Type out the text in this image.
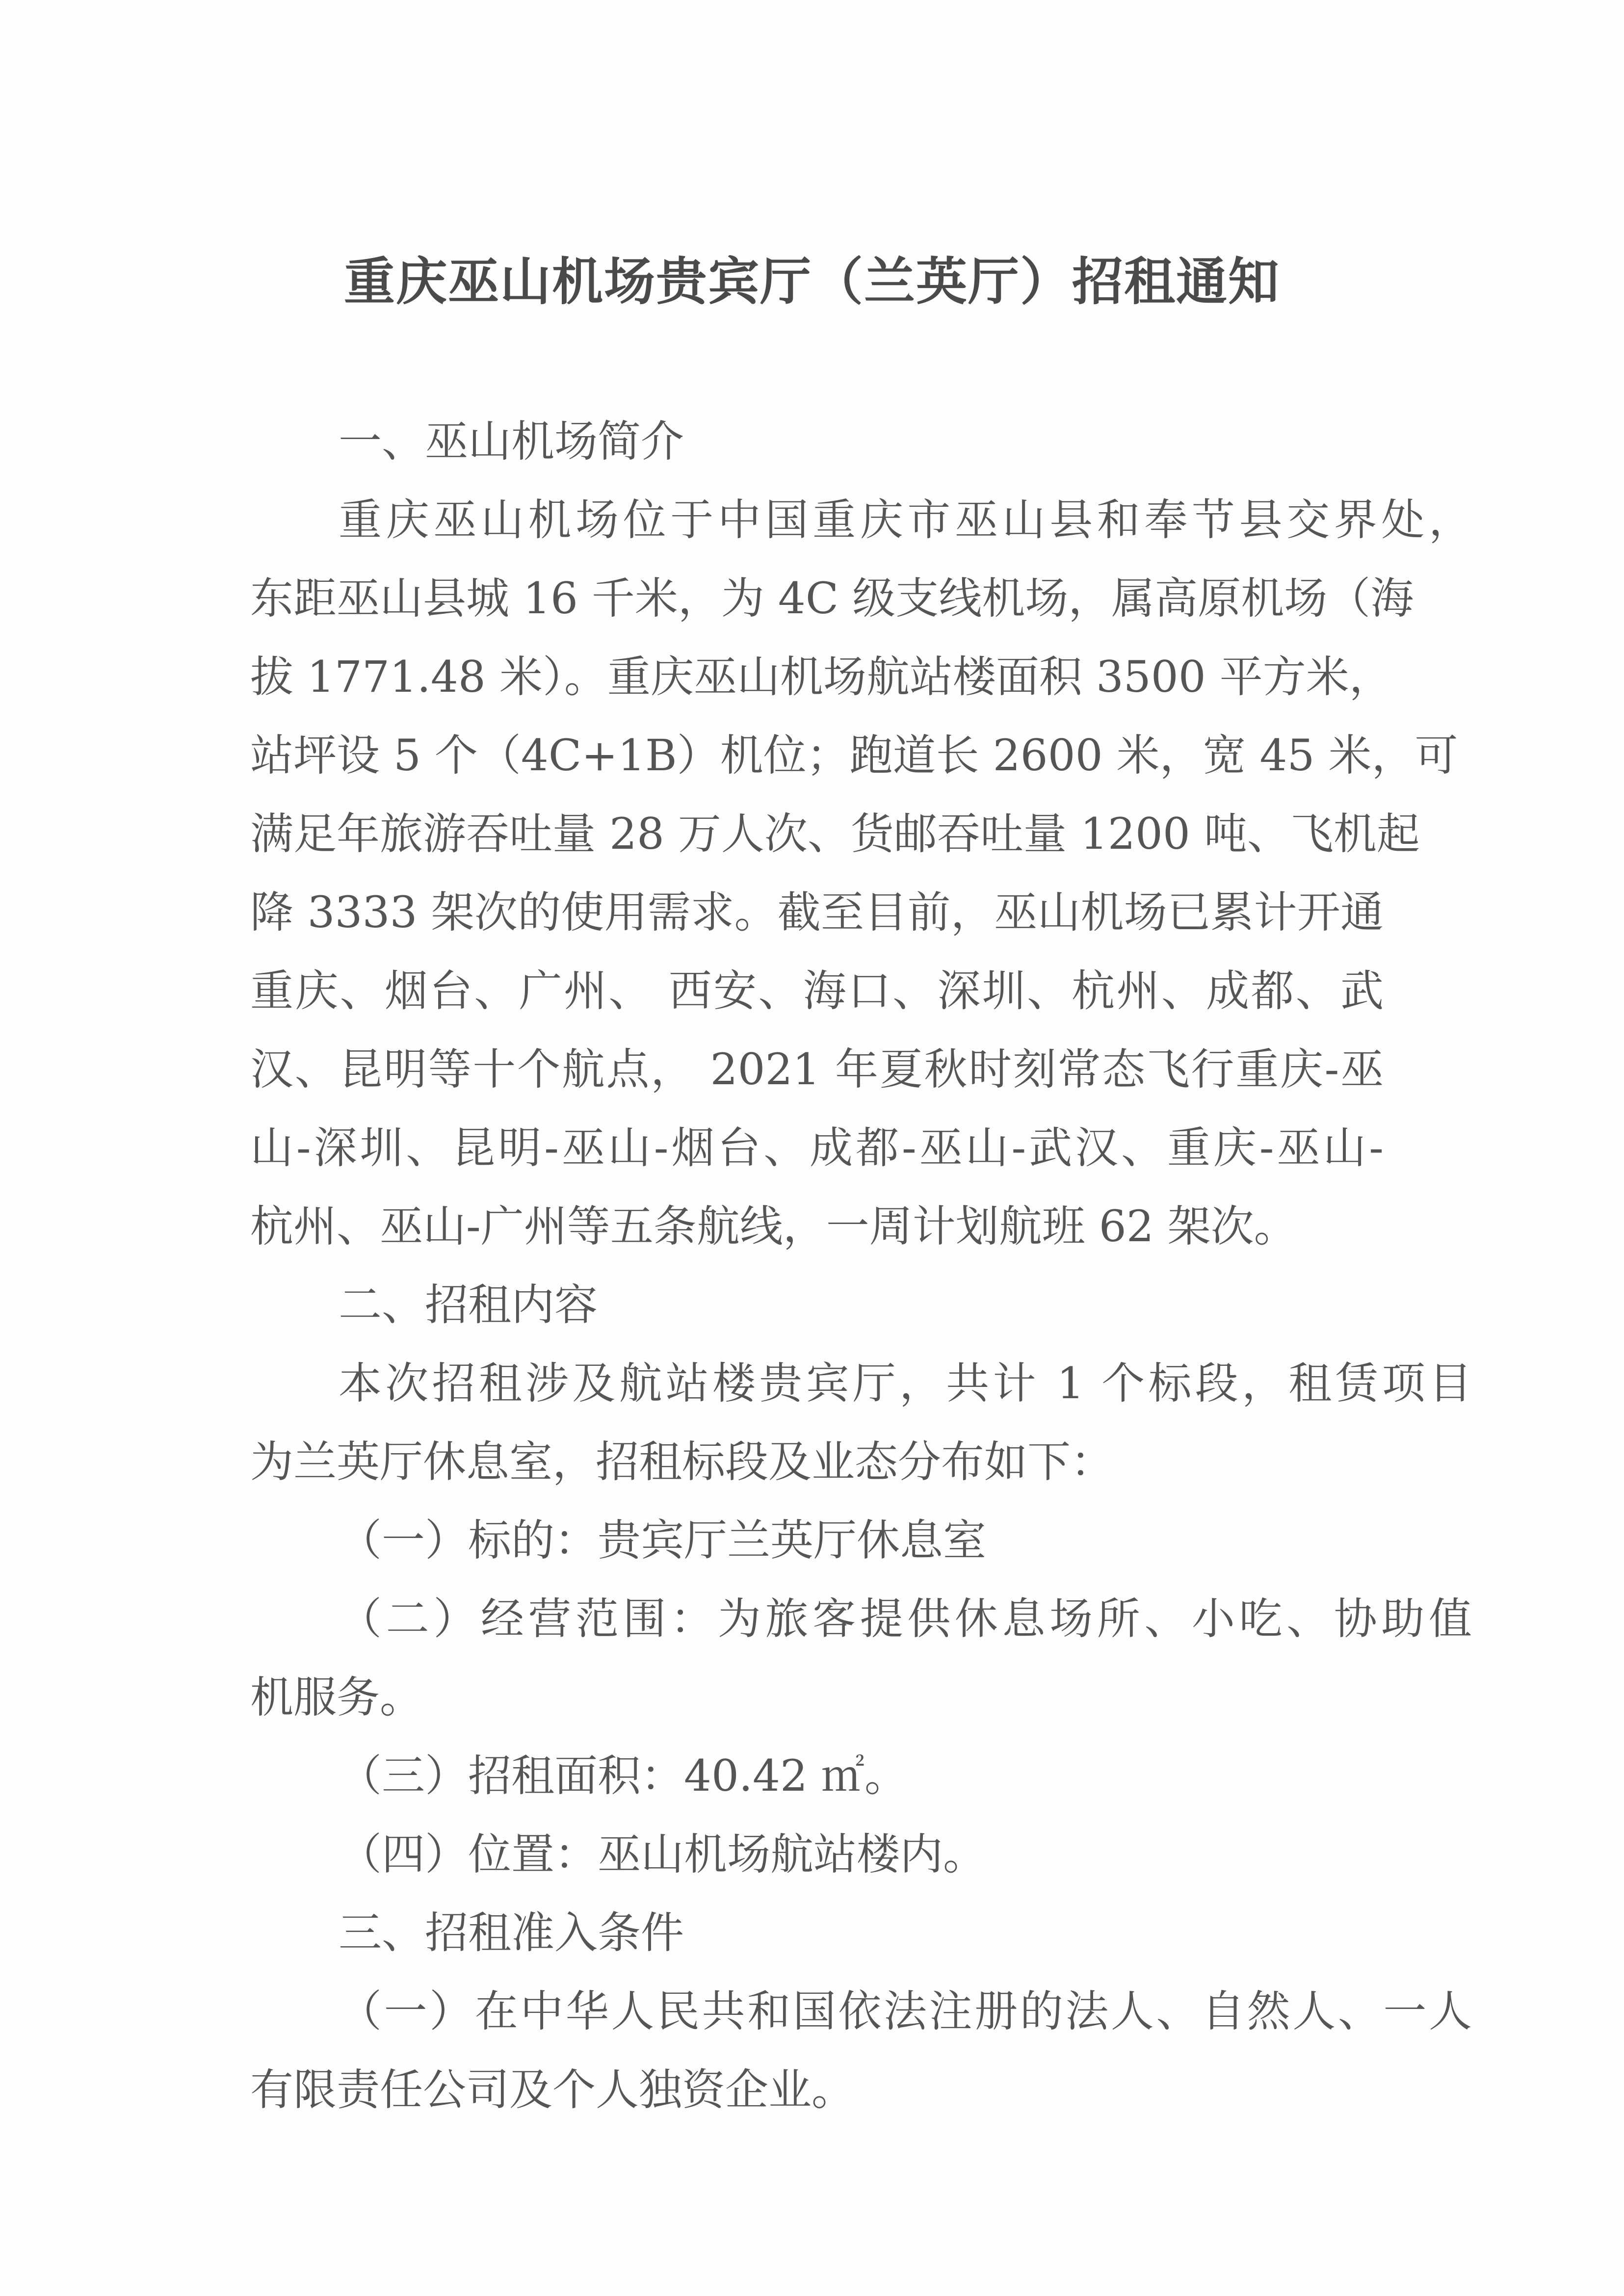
重庆巫山机场贵宾厅（兰英厅）招租通知
一、巫山机场简介
重庆巫山机场位于中国重庆市巫山县和奉节县交界处，
东距巫山县城 16 千米，为 4C 级支线机场，属高原机场（海
拔 1771.48 米）。重庆巫山机场航站楼面积 3500 平方米，
站坪设 5 个（4C+1B）机位；跑道长 2600 米，宽 45 米，可
满足年旅游吞吐量 28 万人次、货邮吞吐量 1200 吨、飞机起
降 3333 架次的使用需求。截至目前，巫山机场已累计开通
重庆、烟台、广州、 西安、海口、深圳、杭州、成都、武
汉、昆明等十个航点， 2021 年夏秋时刻常态飞行重庆-巫
山-深圳、昆明-巫山-烟台、成都-巫山-武汉、重庆-巫山-
杭州、巫山-广州等五条航线，一周计划航班 62 架次。
二、招租内容
本次招租涉及航站楼贵宾厅，共计 1 个标段，租赁项目
为兰英厅休息室，招租标段及业态分布如下：
（一）标的：贵宾厅兰英厅休息室
（二）经营范围：为旅客提供休息场所、小吃、协助值
机服务。
（三）招租面积：40.42 ㎡。
（四）位置：巫山机场航站楼内。
三、招租准入条件
（一）在中华人民共和国依法注册的法人、自然人、一人
有限责任公司及个人独资企业。
